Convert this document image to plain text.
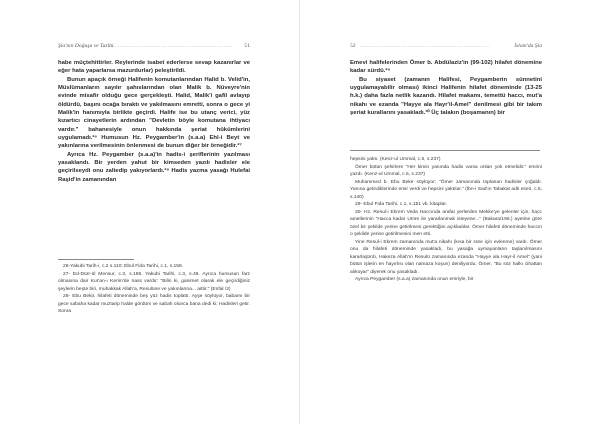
Şia'nın Doğuşu ve Tarihi
............................................................................	51

habe müçtehittirler. Reylerinde isabet ederlerse sevap kazanırlar ve eğer hata yaparlarsa mazurdurlar) peleştirildi.

Bunun apaçık örneği Halifenin komutanlarından Halid b. Velid'in, Müslümanların sayılır şahıslarından olan Malik b. Nüveyre'nin evinde misafir olduğu gece gerçekleşti. Halid, Malik'i gafil avlayıp öldürdü, başını ocağa bıraktı ve yakılmasını emretti, sonra o gece yi Malik'in hanımıyla birlikte geçirdi. Halife ise bu utanç verici, yüz kızartıcı cinayetlerin ardından "Devletin böyle komutana ihtiyacı vardır." bahanesiyle onun hakkında şeriat hükümlerini uygulamadı.²⁶ Humusun Hz. Peygamber'in (s.a.a) Ehl-i Beyt ve yakınlarına verilmesinin önlenmesi de bunun diğer bir örneğidir.²⁷

Ayrıca Hz. Peygamber (s.a.a)'in hadis-i şeriflerinin yazılması yasaklandı. Bir yerden yahut bir kimseden yazılı hadisler ele geçirilseydi onu zaltedip yakıyorlardı.²⁸ Hadis yazma yasağı Hulefai Raşid'in zamanından

26-Yakubi Tarih-i, c.2 s.110; Ebul Fida Tarihi, c.1, s.158.

27- Ed-Dürr-ül Mensur, c.3, s.186. Yakubi Tarihi, c.3, s.48. Ayrıca humusun farz olmasına dair Kur'an-ı Kerim'de nass vardır: "Bilin ki, ganimet olarak ele geçirdiğiniz şeylerin beşte biri, muhakkak Allah'a, Resulüne ve yakınlarına... aittir." (Enfal /2)

28- Ebu Bekir, hilafeti döneminde beş yüz hadis toplattı. Ayşe söylüyor, babamı bir gece sabaha kadar muztarip halde gördüm ve sabah olunca bana dedi ki: Hadisleri getir. Sonra

52 ............................................................................	İslam'da Şia

Emevi halifelerinden Ömer b. Abdülaziz'in (99-102) hilafet dönemine kadar sürdü.²⁹

Bu siyaset (zamanın Halifesi, Peygamberin sünnetini uygulamayabilir olması) ikinci Halifenin hilafet döneminde (13-25 h.k.) daha fazla netlik kazandı. Hilafet makamı, temettü haccı, mut'a nikahı ve ezanda "Hayye ala Hayr'il-Amel" denilmesi gibi bir takım şeriat kurallarını yasakladı.³⁰ Üç talakın (boşamanın) bir

hepsini yaktı. (Kenz-ul Ummal, c.5, s.237)

Ömer bütün şehirlere "Her kimin yanında hadis varsa onları yok etmelidir." emrini yazdı. (Kenz-ul Ummal, c.5, s.237)

Muhammed b. Ebu Bekir söylüyor: "Ömer zamanında toplanan hadisler çoğaldı. Yanına getirdiklerinde emir verdi ve hepsini yaktılar." (İbn-i Sad'ın Tabakat adlı eseri, c.5, s.140)

29- Ebul Fida Tarihi, c.1, s.151 vb. kitaplar.

30- Hz. Resul-i Ekrem Veda Haccında arafat yerlerden Mekke'ye gelenler için, hacc amellerinin "Hacca kadar Umre ile yararlanmak isteyene..." (Bakara/196.) ayetine göre özel bir şekilde yerine getirilmesi gerektiğini açıkladılar. Ömer hilafeti döneminde haccın o şekilde yerine getirilmesini men etti.

Yine Resul-i Ekrem zamanında mut'a nikahı (kısa bir süre için evlenme) vardı. Ömer onu da hilafeti döneminde yasakladı, bu yasağa uymayanların taşlanılmasını kararlaştırdı, Hakeza Allah'ın Resulü zamanında ezanda "Hayye ala Hayr-il Amel" (yani bütün işlerin en hayırlısı olan namaza koşun) deniliyordu. Ömer, "Bu söz halkı cihattan alıkoyar" diyerek onu yasakladı.

Ayrıca Peygamber (s.a.a) zamanında onun emriyle, bir
